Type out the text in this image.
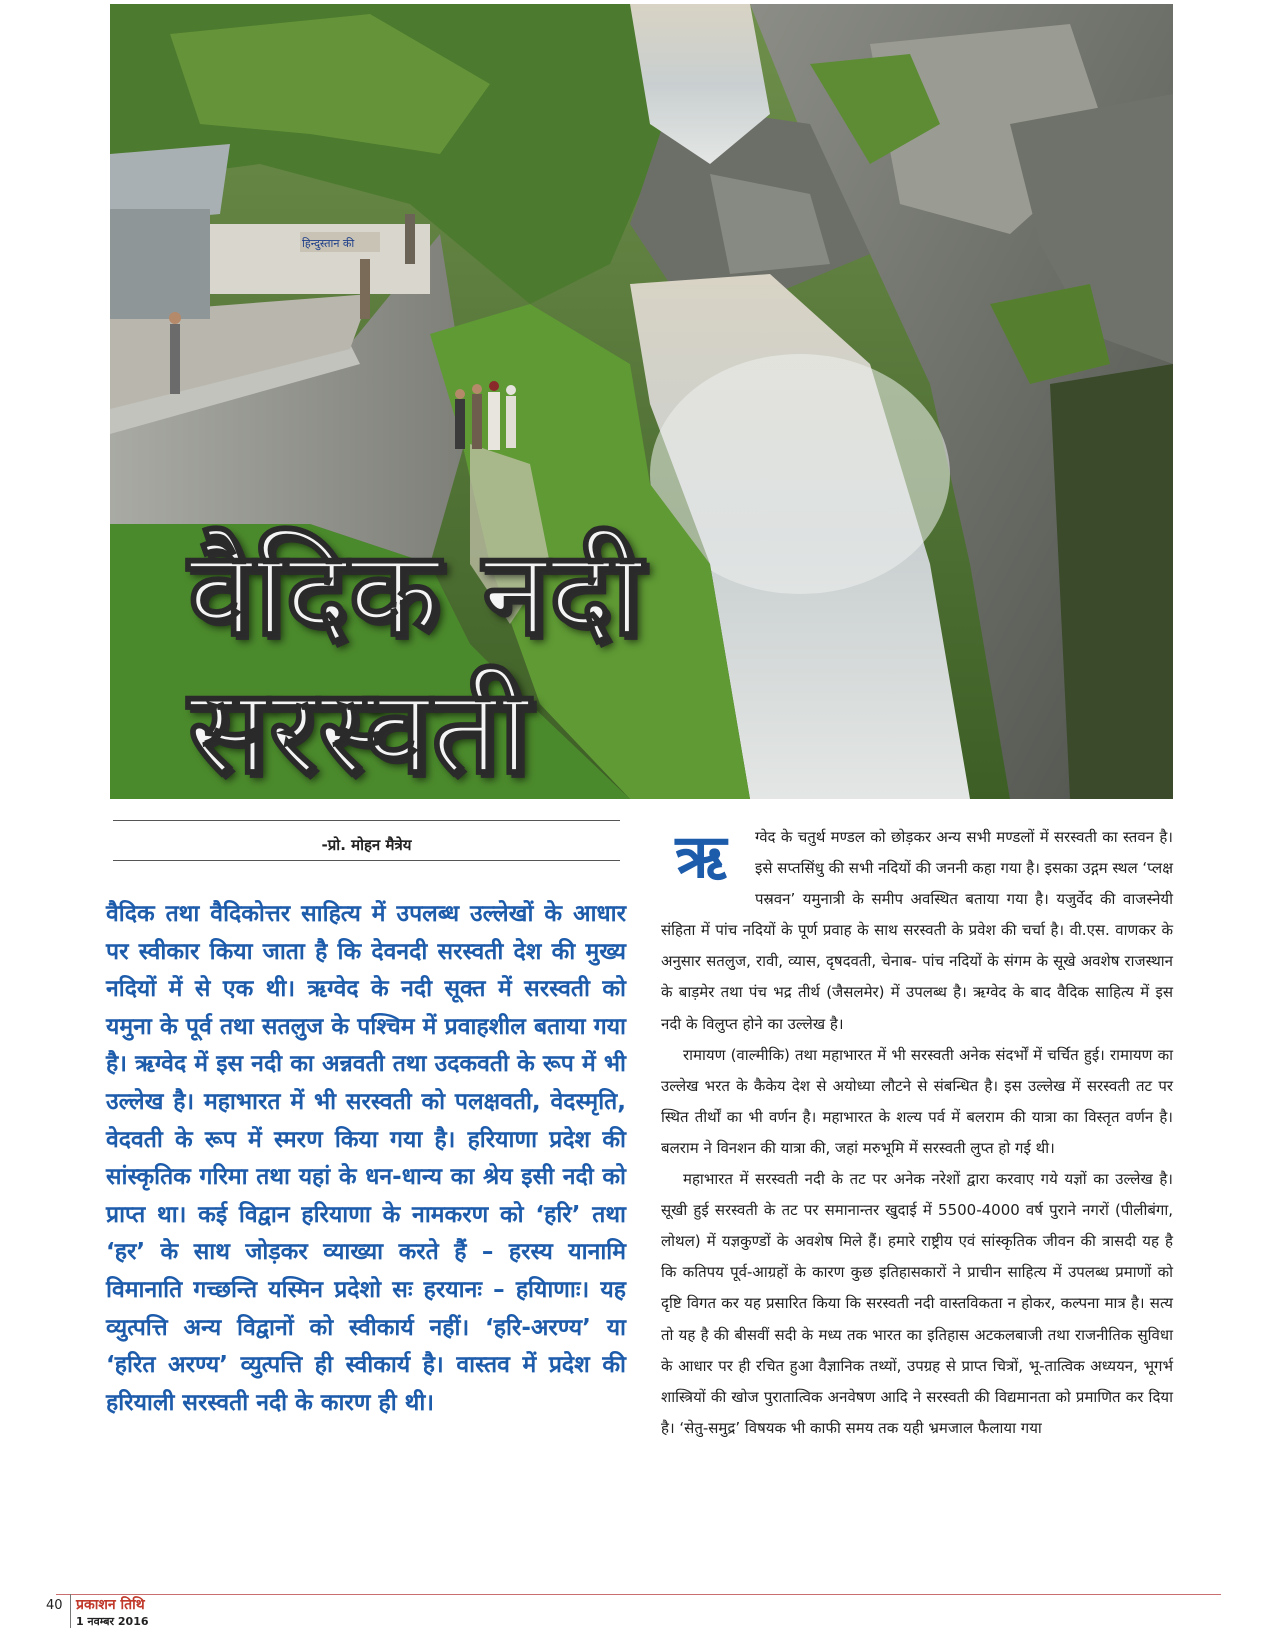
हिन्दुस्तान की
वैदिक नदी
सरस्वती
-प्रो. मोहन मैत्रेय

वैदिक तथा वैदिकोत्तर साहित्य में उपलब्ध उल्लेखों के आधार पर स्वीकार किया जाता है कि देवनदी सरस्वती देश की मुख्य नदियों में से एक थी। ऋग्वेद के नदी सूक्त में सरस्वती को यमुना के पूर्व तथा सतलुज के पश्चिम में प्रवाहशील बताया गया है। ऋग्वेद में इस नदी का अन्नवती तथा उदकवती के रूप में भी उल्लेख है। महाभारत में भी सरस्वती को पलक्षवती, वेदस्मृति, वेदवती के रूप में स्मरण किया गया है। हरियाणा प्रदेश की सांस्कृतिक गरिमा तथा यहां के धन-धान्य का श्रेय इसी नदी को प्राप्त था। कई विद्वान हरियाणा के नामकरण को ‘हरि’ तथा ‘हर’ के साथ जोड़कर व्याख्या करते हैं – हरस्य यानामि विमानाति गच्छन्ति यस्मिन प्रदेशो सः हरयानः – हयिाणाः। यह व्युत्पत्ति अन्य विद्वानों को स्वीकार्य नहीं। ‘हरि-अरण्य’ या ‘हरित अरण्य’ व्युत्पत्ति ही स्वीकार्य है। वास्तव में प्रदेश की हरियाली सरस्वती नदी के कारण ही थी।

ऋ	ग्वेद के चतुर्थ मण्डल को छोड़कर अन्य सभी मण्डलों में सरस्वती का स्तवन है। इसे सप्तसिंधु की सभी नदियों की जननी कहा गया है। इसका उद्गम स्थल ‘प्लक्ष पस्रवन’ यमुनात्री के समीप अवस्थित बताया गया है। यजुर्वेद की वाजस्नेयी संहिता में पांच नदियों के पूर्ण प्रवाह के साथ सरस्वती के प्रवेश की चर्चा है। वी.एस. वाणकर के अनुसार सतलुज, रावी, व्यास, दृषदवती, चेनाब- पांच नदियों के संगम के सूखे अवशेष राजस्थान के बाड़मेर तथा पंच भद्र तीर्थ (जैसलमेर) में उपलब्ध है। ऋग्वेद के बाद वैदिक साहित्य में इस नदी के विलुप्त होने का उल्लेख है।

रामायण (वाल्मीकि) तथा महाभारत में भी सरस्वती अनेक संदर्भों में चर्चित हुई। रामायण का उल्लेख भरत के कैकेय देश से अयोध्या लौटने से संबन्धित है। इस उल्लेख में सरस्वती तट पर स्थित तीर्थों का भी वर्णन है। महाभारत के शल्य पर्व में बलराम की यात्रा का विस्तृत वर्णन है। बलराम ने विनशन की यात्रा की, जहां मरुभूमि में सरस्वती लुप्त हो गई थी।

महाभारत में सरस्वती नदी के तट पर अनेक नरेशों द्वारा करवाए गये यज्ञों का उल्लेख है। सूखी हुई सरस्वती के तट पर समानान्तर खुदाई में 5500-4000 वर्ष पुराने नगरों (पीलीबंगा, लोथल) में यज्ञकुण्डों के अवशेष मिले हैं। हमारे राष्ट्रीय एवं सांस्कृतिक जीवन की त्रासदी यह है कि कतिपय पूर्व-आग्रहों के कारण कुछ इतिहासकारों ने प्राचीन साहित्य में उपलब्ध प्रमाणों को दृष्टि विगत कर यह प्रसारित किया कि सरस्वती नदी वास्तविकता न होकर, कल्पना मात्र है। सत्य तो यह है की बीसवीं सदी के मध्य तक भारत का इतिहास अटकलबाजी तथा राजनीतिक सुविधा के आधार पर ही रचित हुआ वैज्ञानिक तथ्यों, उपग्रह से प्राप्त चित्रों, भू-तात्विक अध्ययन, भूगर्भ शास्त्रियों की खोज पुरातात्विक अनवेषण आदि ने सरस्वती की विद्यमानता को प्रमाणित कर दिया है। ‘सेतु-समुद्र’ विषयक भी काफी समय तक यही भ्रमजाल फैलाया गया

40 प्रकाशन तिथि
1 नवम्बर 2016
